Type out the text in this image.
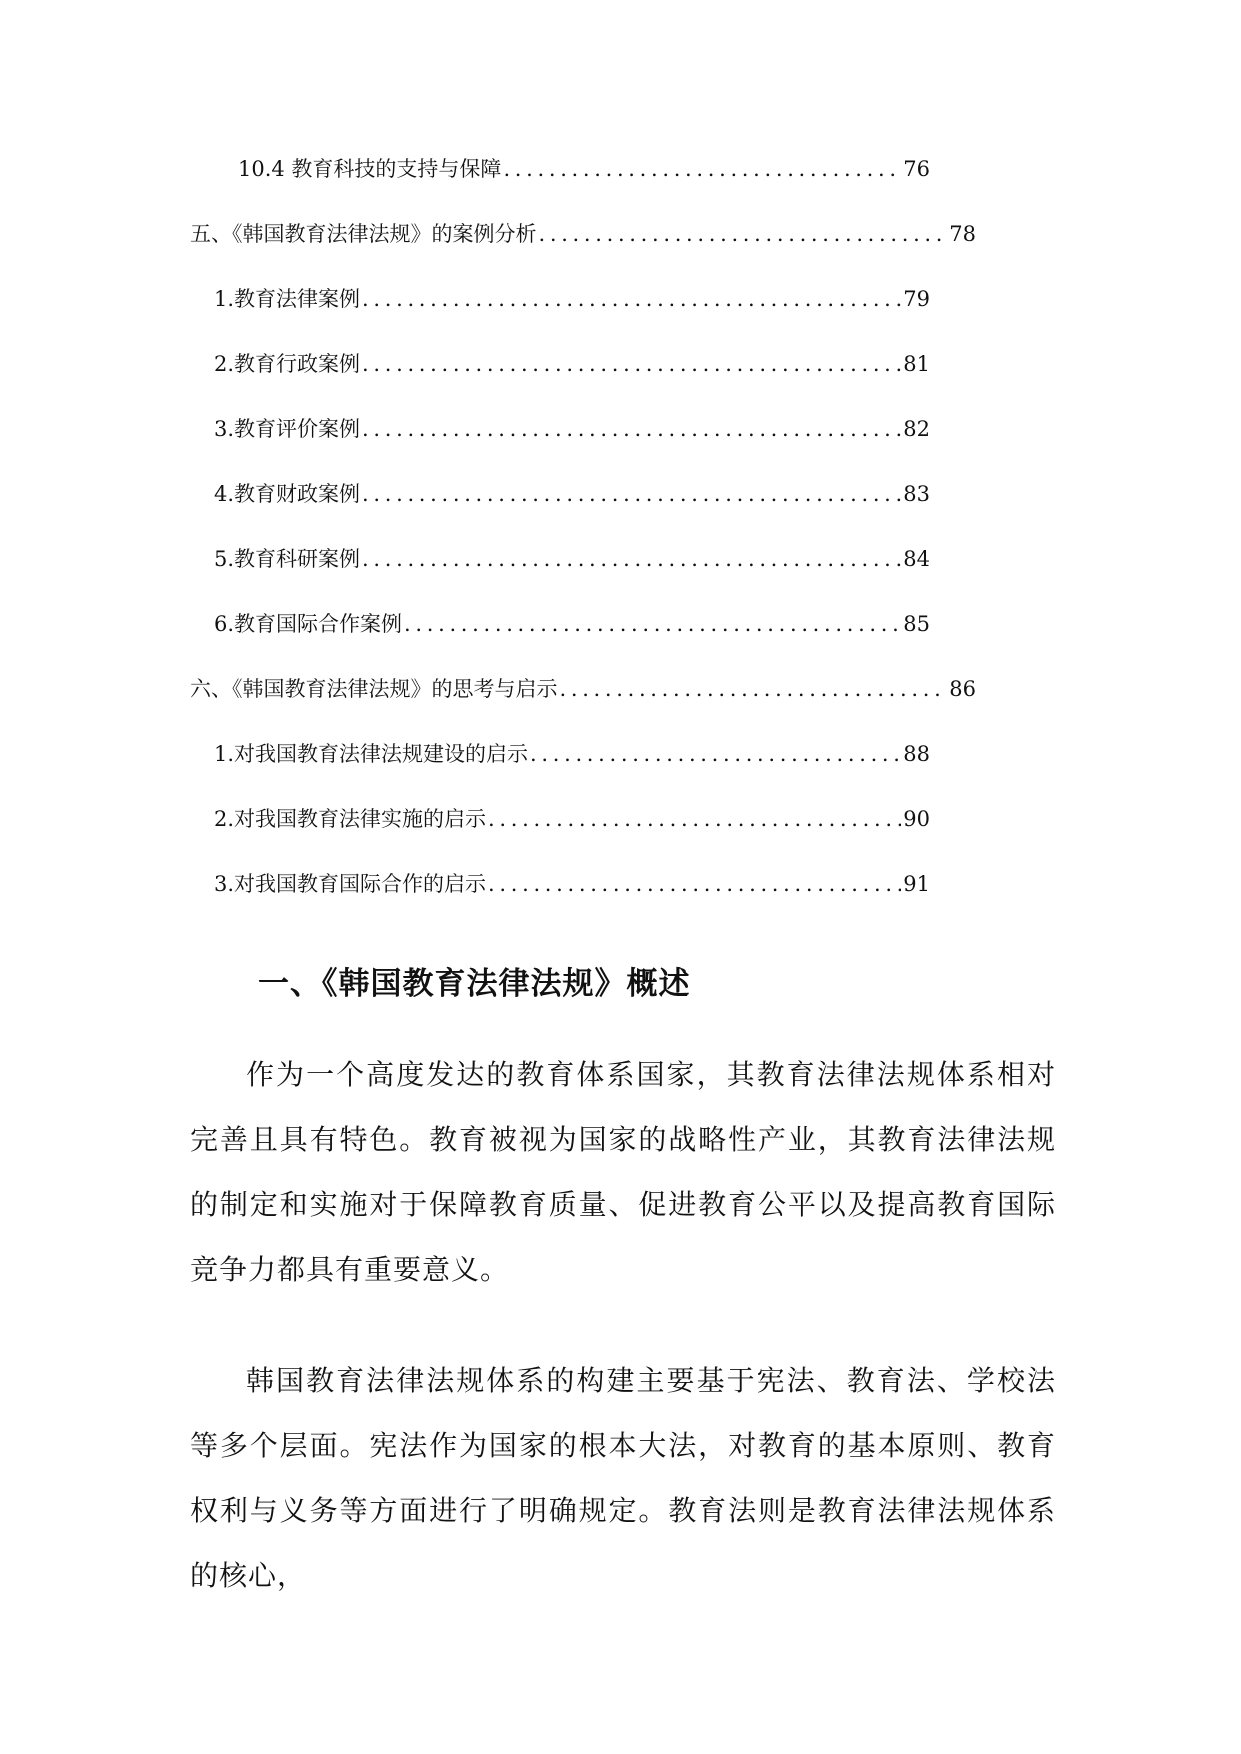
10.4 教育科技的支持与保障 . . .	76
五、《韩国教育法律法规》的案例分析 . . .	78
1. 教育法律案例 . . .	79
2. 教育行政案例 . . .	81
3. 教育评价案例 . . .	82
4. 教育财政案例 . . .	83
5. 教育科研案例 . . .	84
6. 教育国际合作案例 . . .	85
六、《韩国教育法律法规》的思考与启示 . . .	86
1. 对我国教育法律法规建设的启示 . . .	88
2. 对我国教育法律实施的启示 . . .	90
3. 对我国教育国际合作的启示 . . .	91
一、《韩国教育法律法规》概述

作为一个高度发达的教育体系国家，其教育法律法规体系相对完善且具有特色。教育被视为国家的战略性产业，其教育法律法规的制定和实施对于保障教育质量、促进教育公平以及提高教育国际竞争力都具有重要意义。

韩国教育法律法规体系的构建主要基于宪法、教育法、学校法等多个层面。宪法作为国家的根本大法，对教育的基本原则、教育权利与义务等方面进行了明确规定。教育法则是教育法律法规体系的核心，
